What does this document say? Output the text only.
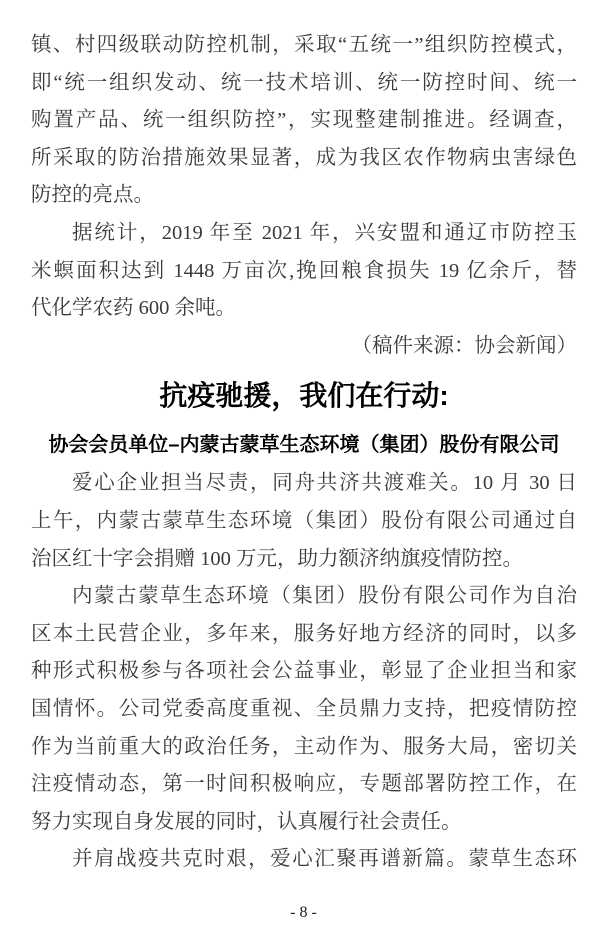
镇、村四级联动防控机制，采取“五统一”组织防控模式，
即“统一组织发动、统一技术培训、统一防控时间、统一
购置产品、统一组织防控”，实现整建制推进。经调查，
所采取的防治措施效果显著，成为我区农作物病虫害绿色
防控的亮点。
据统计，2019 年至 2021 年，兴安盟和通辽市防控玉
米螟面积达到 1448 万亩次,挽回粮食损失 19 亿余斤，替
代化学农药 600 余吨。
（稿件来源：协会新闻）
抗疫驰援，我们在行动:
协会会员单位–内蒙古蒙草生态环境（集团）股份有限公司
爱心企业担当尽责，同舟共济共渡难关。10 月 30 日
上午，内蒙古蒙草生态环境（集团）股份有限公司通过自
治区红十字会捐赠 100 万元，助力额济纳旗疫情防控。
内蒙古蒙草生态环境（集团）股份有限公司作为自治
区本土民营企业，多年来，服务好地方经济的同时，以多
种形式积极参与各项社会公益事业，彰显了企业担当和家
国情怀。公司党委高度重视、全员鼎力支持，把疫情防控
作为当前重大的政治任务，主动作为、服务大局，密切关
注疫情动态，第一时间积极响应，专题部署防控工作，在
努力实现自身发展的同时，认真履行社会责任。
并肩战疫共克时艰，爱心汇聚再谱新篇。蒙草生态环
- 8 -
